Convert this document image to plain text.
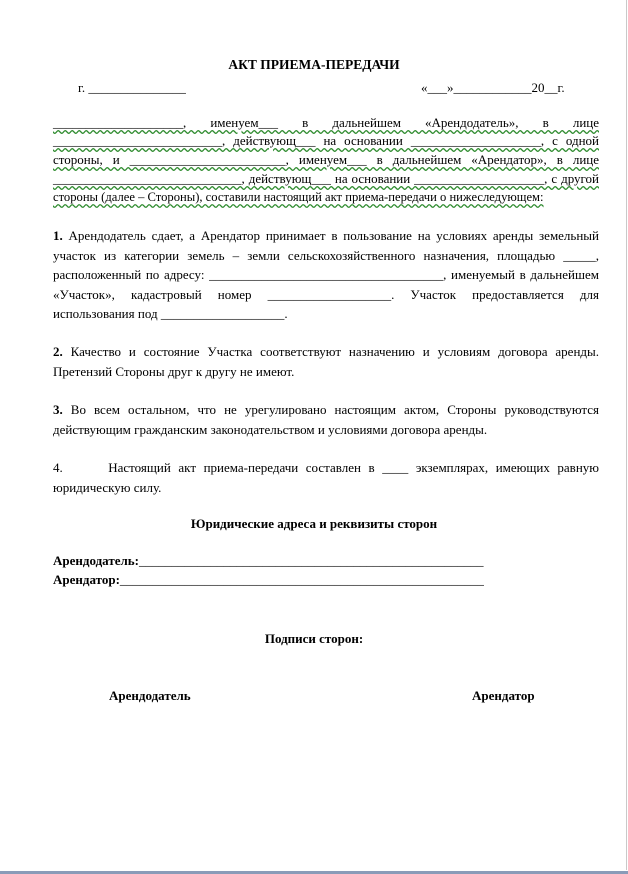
АКТ ПРИЕМА-ПЕРЕДАЧИ
г. _______________	«___»____________20__г.
____________________, именуем___ в дальнейшем «Арендодатель», в лице
__________________________, действующ___ на основании ____________________, с одной
стороны, и ________________________, именуем___ в дальнейшем «Арендатор», в лице
_____________________________, действующ___ на основании ____________________, с другой
стороны (далее – Стороны), составили настоящий акт приема-передачи о нижеследующем:
1. Арендодатель сдает, а Арендатор принимает в пользование на условиях аренды земельный участок из категории земель – земли сельскохозяйственного назначения, площадью _____, расположенный по адресу: ____________________________________, именуемый в дальнейшем «Участок», кадастровый номер ___________________. Участок предоставляется для использования под ___________________.
2. Качество и состояние Участка соответствуют назначению и условиям договора аренды. Претензий Стороны друг к другу не имеют.
3. Во всем остальном, что не урегулировано настоящим актом, Стороны руководствуются действующим гражданским законодательством и условиями договора аренды.
4.      Настоящий акт приема-передачи составлен в ____ экземплярах, имеющих равную юридическую силу.
Юридические адреса и реквизиты сторон
Арендодатель:_____________________________________________________
Арендатор:________________________________________________________
Подписи сторон:
Арендодатель	Арендатор
